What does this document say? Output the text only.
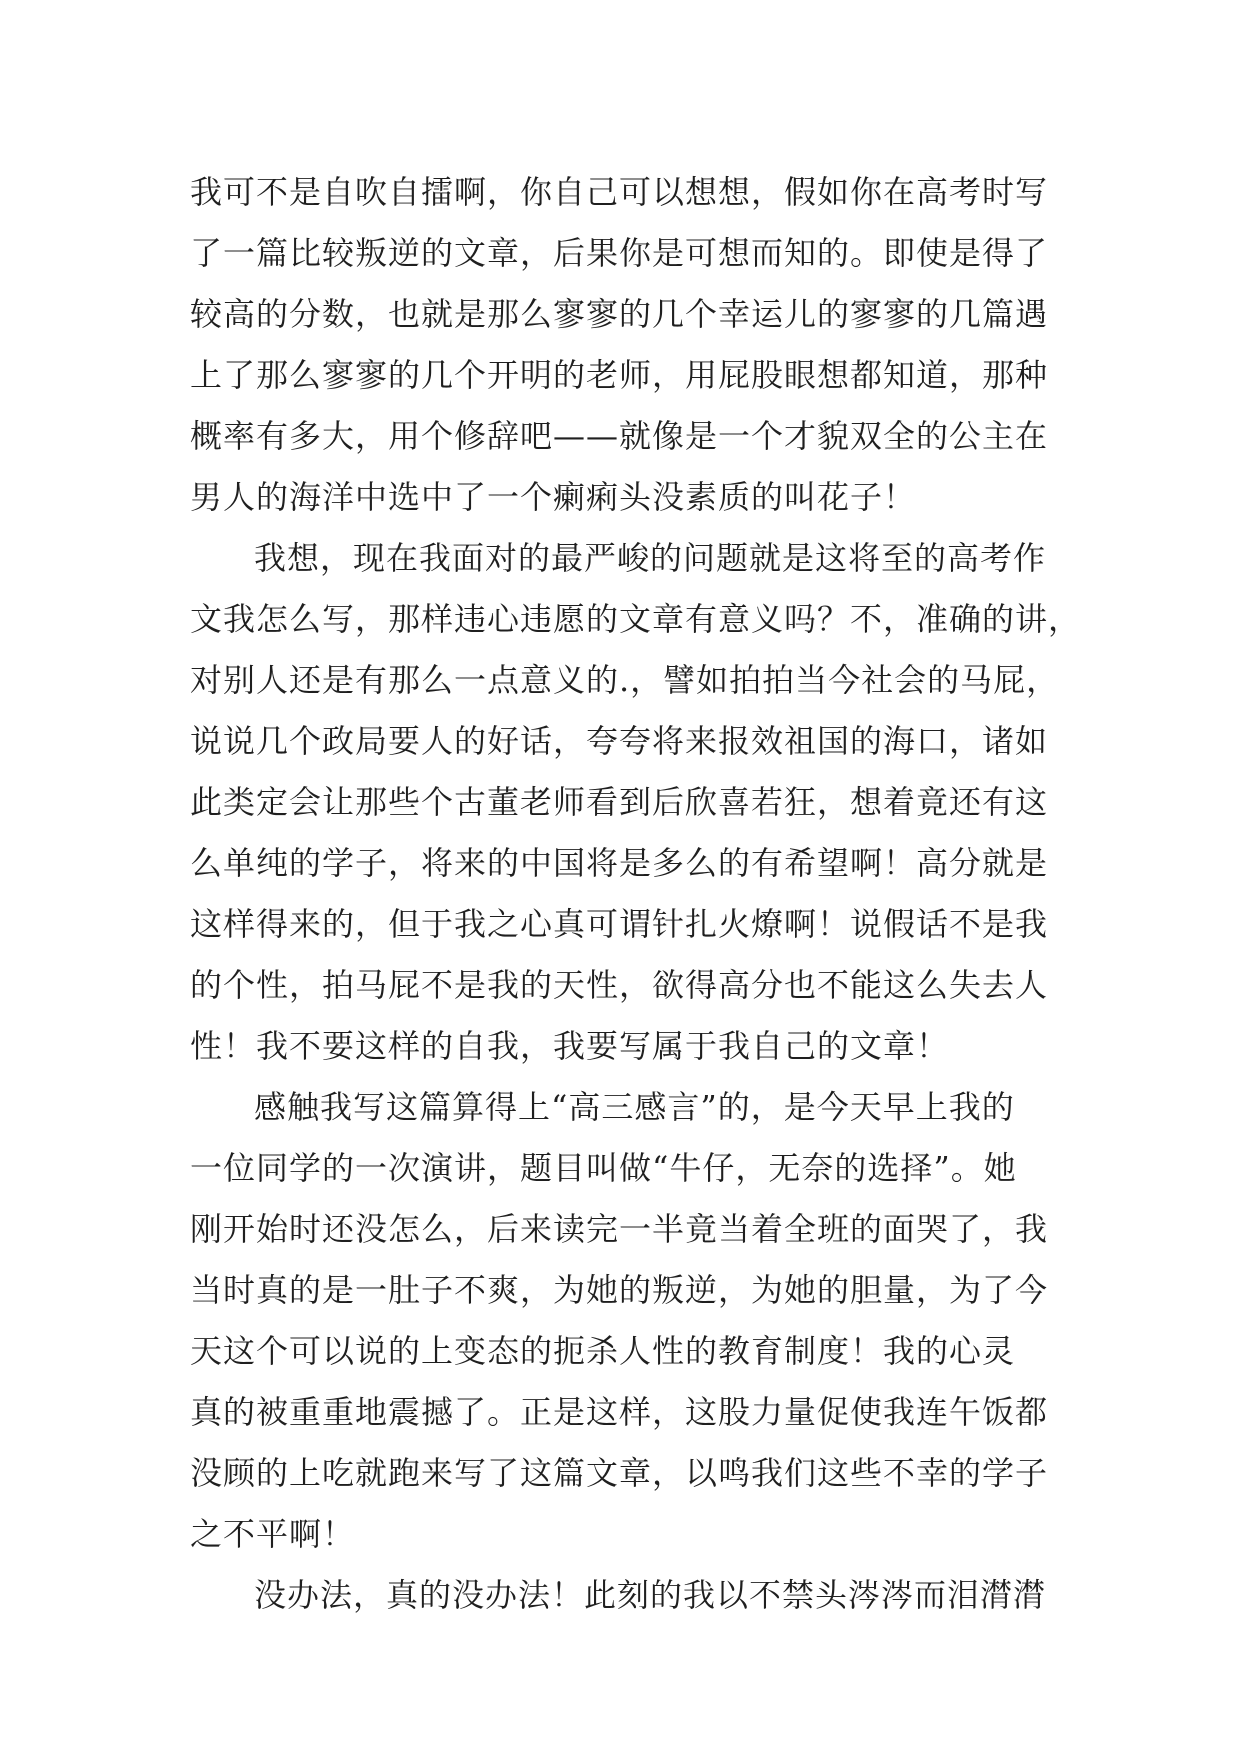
我可不是自吹自擂啊，你自己可以想想，假如你在高考时写
了一篇比较叛逆的文章，后果你是可想而知的。即使是得了
较高的分数，也就是那么寥寥的几个幸运儿的寥寥的几篇遇
上了那么寥寥的几个开明的老师，用屁股眼想都知道，那种
概率有多大，用个修辞吧——就像是一个才貌双全的公主在
男人的海洋中选中了一个瘌痢头没素质的叫花子！
我想，现在我面对的最严峻的问题就是这将至的高考作
文我怎么写，那样违心违愿的文章有意义吗？不，准确的讲，
对别人还是有那么一点意义的.，譬如拍拍当今社会的马屁，
说说几个政局要人的好话，夸夸将来报效祖国的海口，诸如
此类定会让那些个古董老师看到后欣喜若狂，想着竟还有这
么单纯的学子，将来的中国将是多么的有希望啊！高分就是
这样得来的，但于我之心真可谓针扎火燎啊！说假话不是我
的个性，拍马屁不是我的天性，欲得高分也不能这么失去人
性！我不要这样的自我，我要写属于我自己的文章！
感触我写这篇算得上“高三感言”的，是今天早上我的
一位同学的一次演讲，题目叫做“牛仔，无奈的选择”。她
刚开始时还没怎么，后来读完一半竟当着全班的面哭了，我
当时真的是一肚子不爽，为她的叛逆，为她的胆量，为了今
天这个可以说的上变态的扼杀人性的教育制度！我的心灵
真的被重重地震撼了。正是这样，这股力量促使我连午饭都
没顾的上吃就跑来写了这篇文章，以鸣我们这些不幸的学子
之不平啊！
没办法，真的没办法！此刻的我以不禁头涔涔而泪潸潸
